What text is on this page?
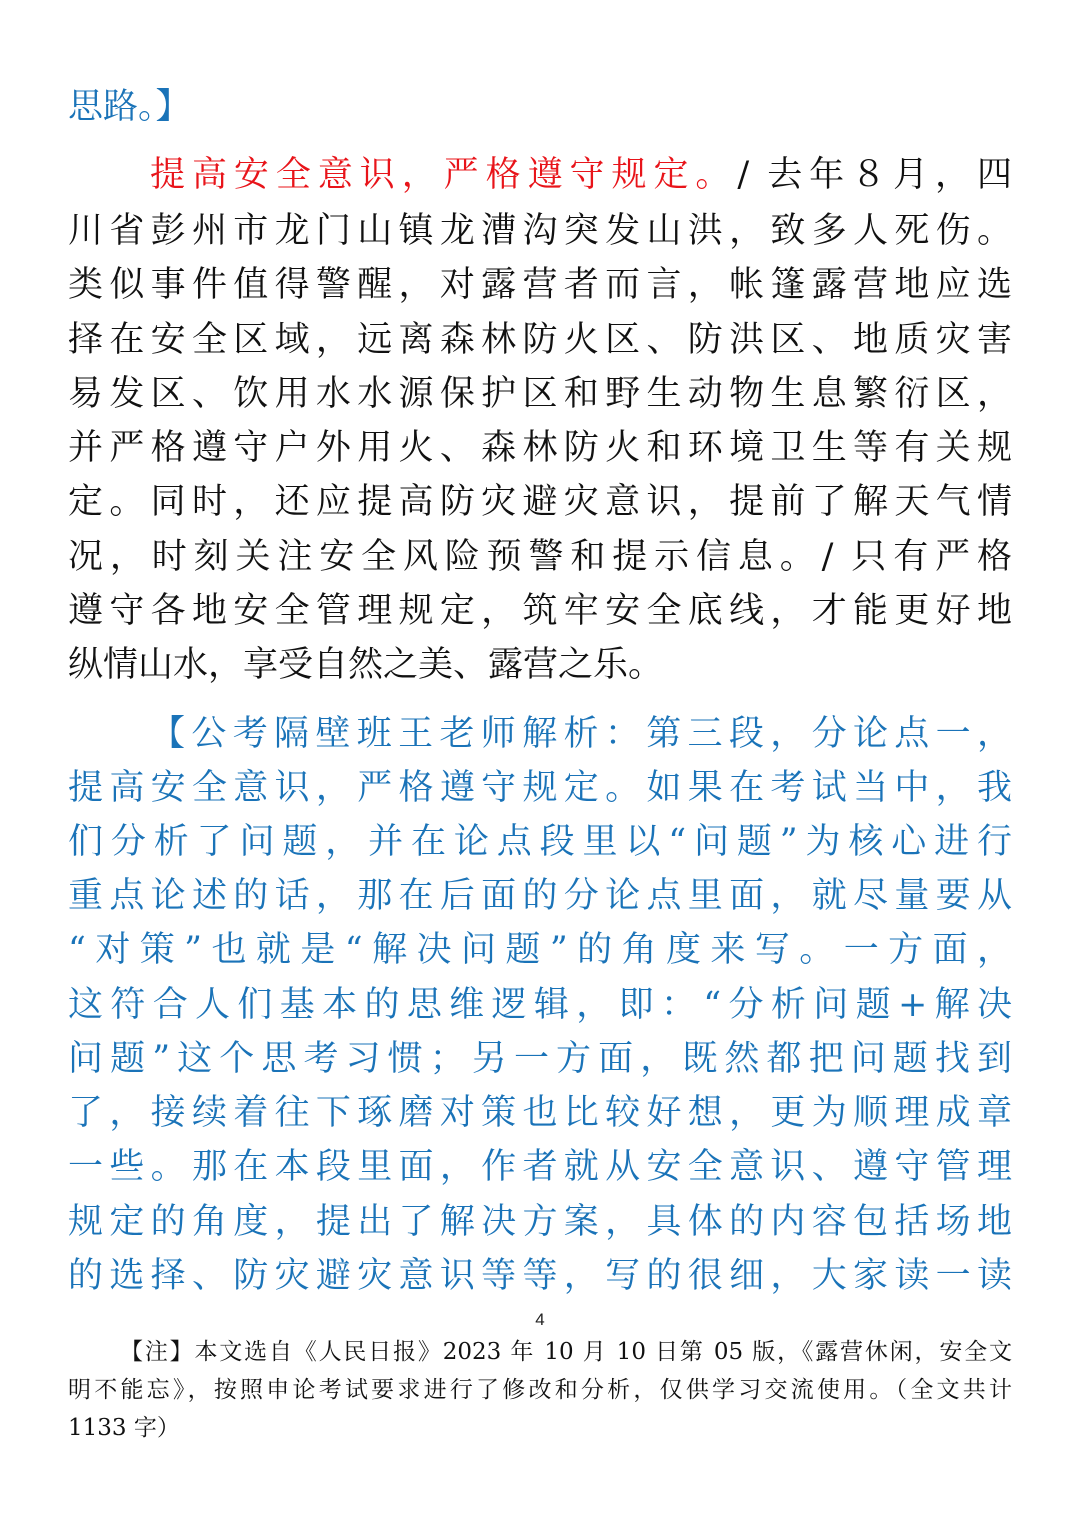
思路。】
提高安全意识，严格遵守规定。/ 去年８月，四
川省彭州市龙门山镇龙漕沟突发山洪，致多人死伤。
类似事件值得警醒，对露营者而言，帐篷露营地应选
择在安全区域，远离森林防火区、防洪区、地质灾害
易发区、饮用水水源保护区和野生动物生息繁衍区，
并严格遵守户外用火、森林防火和环境卫生等有关规
定。同时，还应提高防灾避灾意识，提前了解天气情
况，时刻关注安全风险预警和提示信息。/ 只有严格
遵守各地安全管理规定，筑牢安全底线，才能更好地
纵情山水，享受自然之美、露营之乐。
【公考隔壁班王老师解析：第三段，分论点一，
提高安全意识，严格遵守规定。如果在考试当中，我
们分析了问题，并在论点段里以“问题”为核心进行
重点论述的话，那在后面的分论点里面，就尽量要从
“对策”也就是“解决问题”的角度来写。一方面，
这符合人们基本的思维逻辑，即：“分析问题+解决
问题”这个思考习惯；另一方面，既然都把问题找到
了，接续着往下琢磨对策也比较好想，更为顺理成章
一些。那在本段里面，作者就从安全意识、遵守管理
规定的角度，提出了解决方案，具体的内容包括场地
的选择、防灾避灾意识等等，写的很细，大家读一读
4
【注】本文选自《人民日报》2023 年 10 月 10 日第 05 版，《露营休闲，安全文
明不能忘》，按照申论考试要求进行了修改和分析，仅供学习交流使用。（全文共计
1133 字）
